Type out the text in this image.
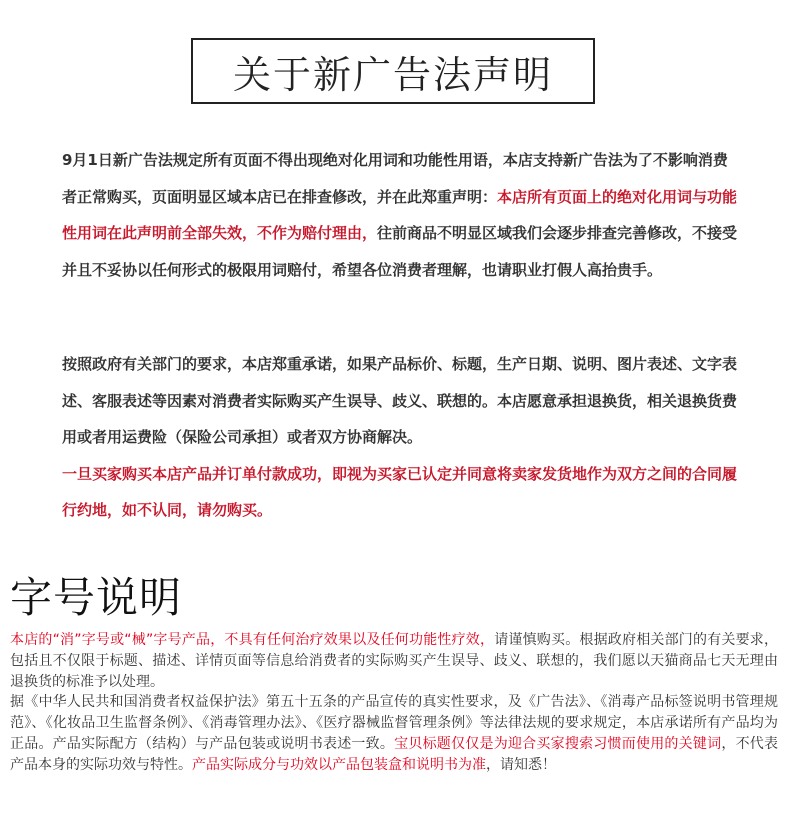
关于新广告法声明
9月1日新广告法规定所有页面不得出现绝对化用词和功能性用语，本店支持新广告法为了不影响消费者正常购买，页面明显区域本店已在排查修改，并在此郑重声明：本店所有页面上的绝对化用词与功能性用词在此声明前全部失效，不作为赔付理由，往前商品不明显区域我们会逐步排查完善修改，不接受并且不妥协以任何形式的极限用词赔付，希望各位消费者理解，也请职业打假人高抬贵手。
按照政府有关部门的要求，本店郑重承诺，如果产品标价、标题，生产日期、说明、图片表述、文字表述、客服表述等因素对消费者实际购买产生误导、歧义、联想的。本店愿意承担退换货，相关退换货费用或者用运费险（保险公司承担）或者双方协商解决。
一旦买家购买本店产品并订单付款成功，即视为买家已认定并同意将卖家发货地作为双方之间的合同履行约地，如不认同，请勿购买。
字号说明
本店的“消”字号或“械”字号产品，不具有任何治疗效果以及任何功能性疗效，请谨慎购买。根据政府相关部门的有关要求，包括且不仅限于标题、描述、详情页面等信息给消费者的实际购买产生误导、歧义、联想的，我们愿以天猫商品七天无理由退换货的标准予以处理。
据《中华人民共和国消费者权益保护法》第五十五条的产品宣传的真实性要求，及《广告法》、《消毒产品标签说明书管理规范》、《化妆品卫生监督条例》、《消毒管理办法》、《医疗器械监督管理条例》等法律法规的要求规定，本店承诺所有产品均为正品。产品实际配方（结构）与产品包装或说明书表述一致。宝贝标题仅仅是为迎合买家搜索习惯而使用的关键词，不代表产品本身的实际功效与特性。产品实际成分与功效以产品包装盒和说明书为准，请知悉！
